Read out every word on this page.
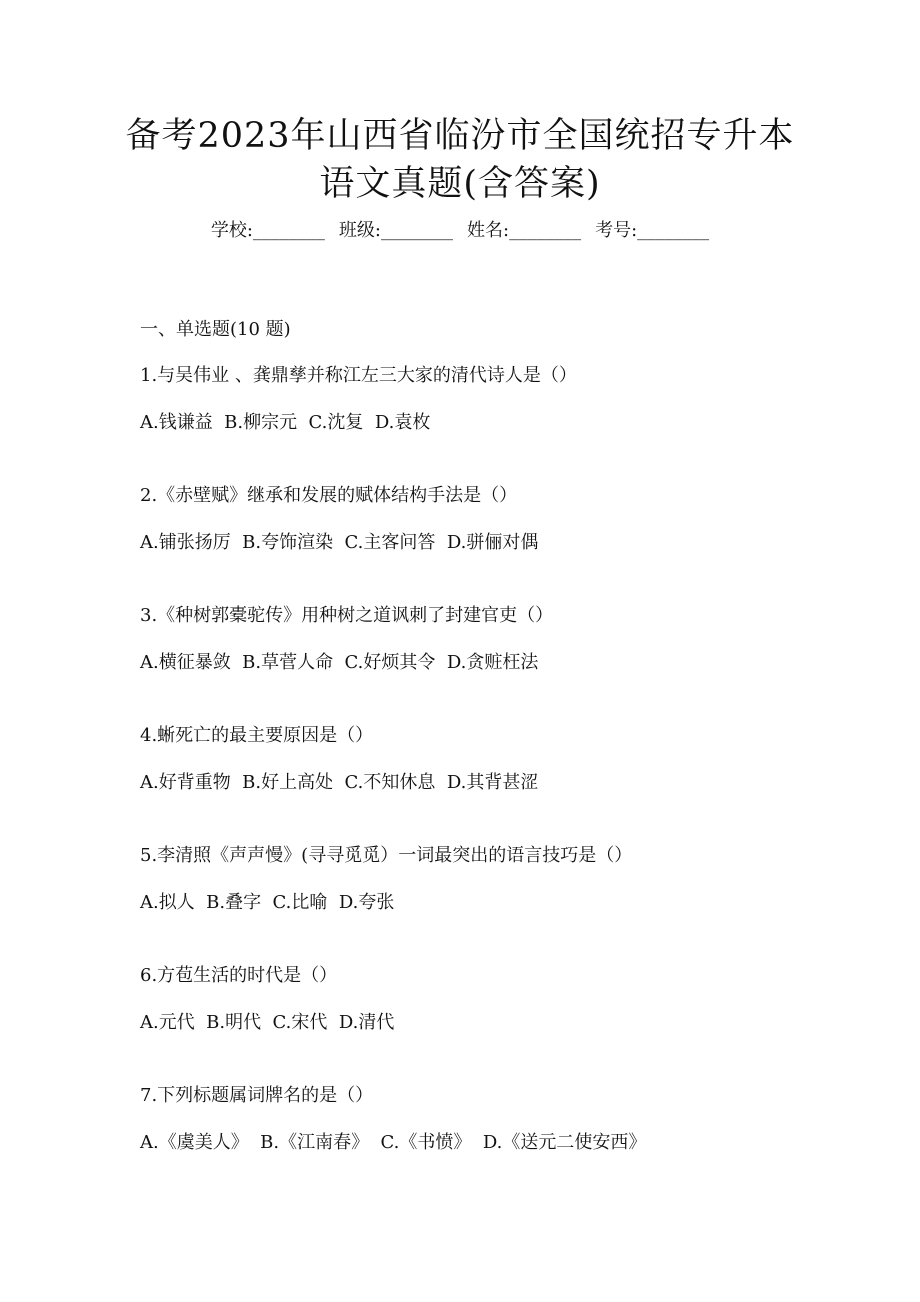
备考2023年山西省临汾市全国统招专升本
语文真题(含答案)
学校:________ 班级:________ 姓名:________ 考号:________
一、单选题(10 题)
1.与吴伟业 、龚鼎孳并称江左三大家的清代诗人是（）
A.钱谦益  B.柳宗元  C.沈复  D.袁枚
2.《赤壁赋》继承和发展的赋体结构手法是（）
A.铺张扬厉  B.夸饰渲染  C.主客问答  D.骈俪对偶
3.《种树郭橐驼传》用种树之道讽刺了封建官吏（）
A.横征暴敛  B.草菅人命  C.好烦其令  D.贪赃枉法
4.蜥死亡的最主要原因是（）
A.好背重物  B.好上高处  C.不知休息  D.其背甚涩
5.李清照《声声慢》(寻寻觅觅）一词最突出的语言技巧是（）
A.拟人  B.叠字  C.比喻  D.夸张
6.方苞生活的时代是（）
A.元代  B.明代  C.宋代  D.清代
7.下列标题属词牌名的是（）
A.《虞美人》  B.《江南春》  C.《书愤》  D.《送元二使安西》
